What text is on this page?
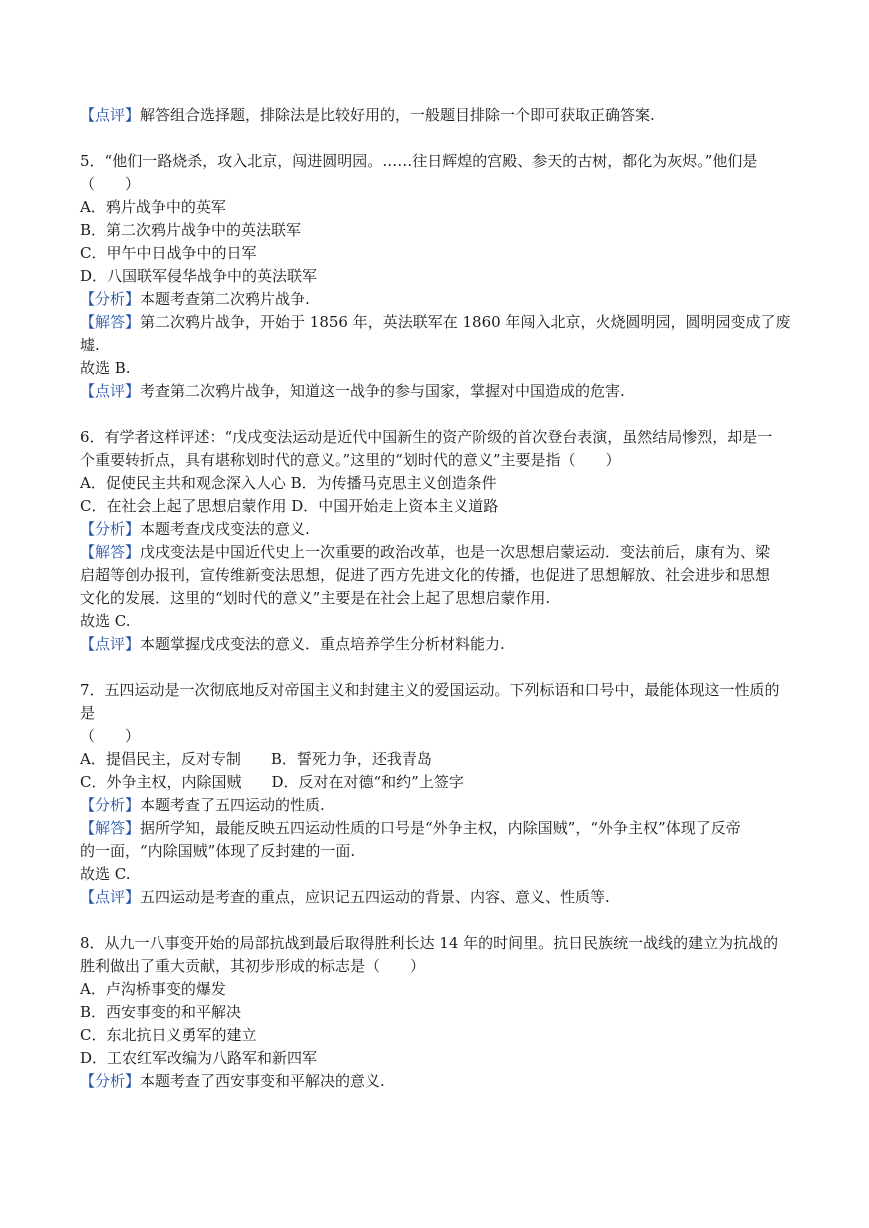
【点评】解答组合选择题，排除法是比较好用的，一般题目排除一个即可获取正确答案.
5．“他们一路烧杀，攻入北京，闯进圆明园。……往日辉煌的宫殿、参天的古树，都化为灰烬。”他们是
（　　）
A．鸦片战争中的英军
B．第二次鸦片战争中的英法联军
C．甲午中日战争中的日军
D．八国联军侵华战争中的英法联军
【分析】本题考查第二次鸦片战争.
【解答】第二次鸦片战争，开始于 1856 年，英法联军在 1860 年闯入北京，火烧圆明园，圆明园变成了废
墟.
故选 B.
【点评】考查第二次鸦片战争，知道这一战争的参与国家，掌握对中国造成的危害.
6．有学者这样评述：“戊戌变法运动是近代中国新生的资产阶级的首次登台表演，虽然结局惨烈，却是一
个重要转折点，具有堪称划时代的意义。”这里的“划时代的意义”主要是指（　　）
A．促使民主共和观念深入人心 B．为传播马克思主义创造条件
C．在社会上起了思想启蒙作用 D．中国开始走上资本主义道路
【分析】本题考查戊戌变法的意义.
【解答】戊戌变法是中国近代史上一次重要的政治改革，也是一次思想启蒙运动．变法前后，康有为、梁
启超等创办报刊，宣传维新变法思想，促进了西方先进文化的传播，也促进了思想解放、社会进步和思想
文化的发展．这里的“划时代的意义”主要是在社会上起了思想启蒙作用.
故选 C.
【点评】本题掌握戊戌变法的意义．重点培养学生分析材料能力.
7．五四运动是一次彻底地反对帝国主义和封建主义的爱国运动。下列标语和口号中，最能体现这一性质的
是
（　　）
A．提倡民主，反对专制　　B．誓死力争，还我青岛
C．外争主权，内除国贼　　D．反对在对德“和约”上签字
【分析】本题考查了五四运动的性质.
【解答】据所学知，最能反映五四运动性质的口号是“外争主权，内除国贼”，“外争主权”体现了反帝
的一面，“内除国贼”体现了反封建的一面.
故选 C.
【点评】五四运动是考查的重点，应识记五四运动的背景、内容、意义、性质等.
8．从九一八事变开始的局部抗战到最后取得胜利长达 14 年的时间里。抗日民族统一战线的建立为抗战的
胜利做出了重大贡献，其初步形成的标志是（　　）
A．卢沟桥事变的爆发
B．西安事变的和平解决
C．东北抗日义勇军的建立
D．工农红军改编为八路军和新四军
【分析】本题考查了西安事变和平解决的意义.
